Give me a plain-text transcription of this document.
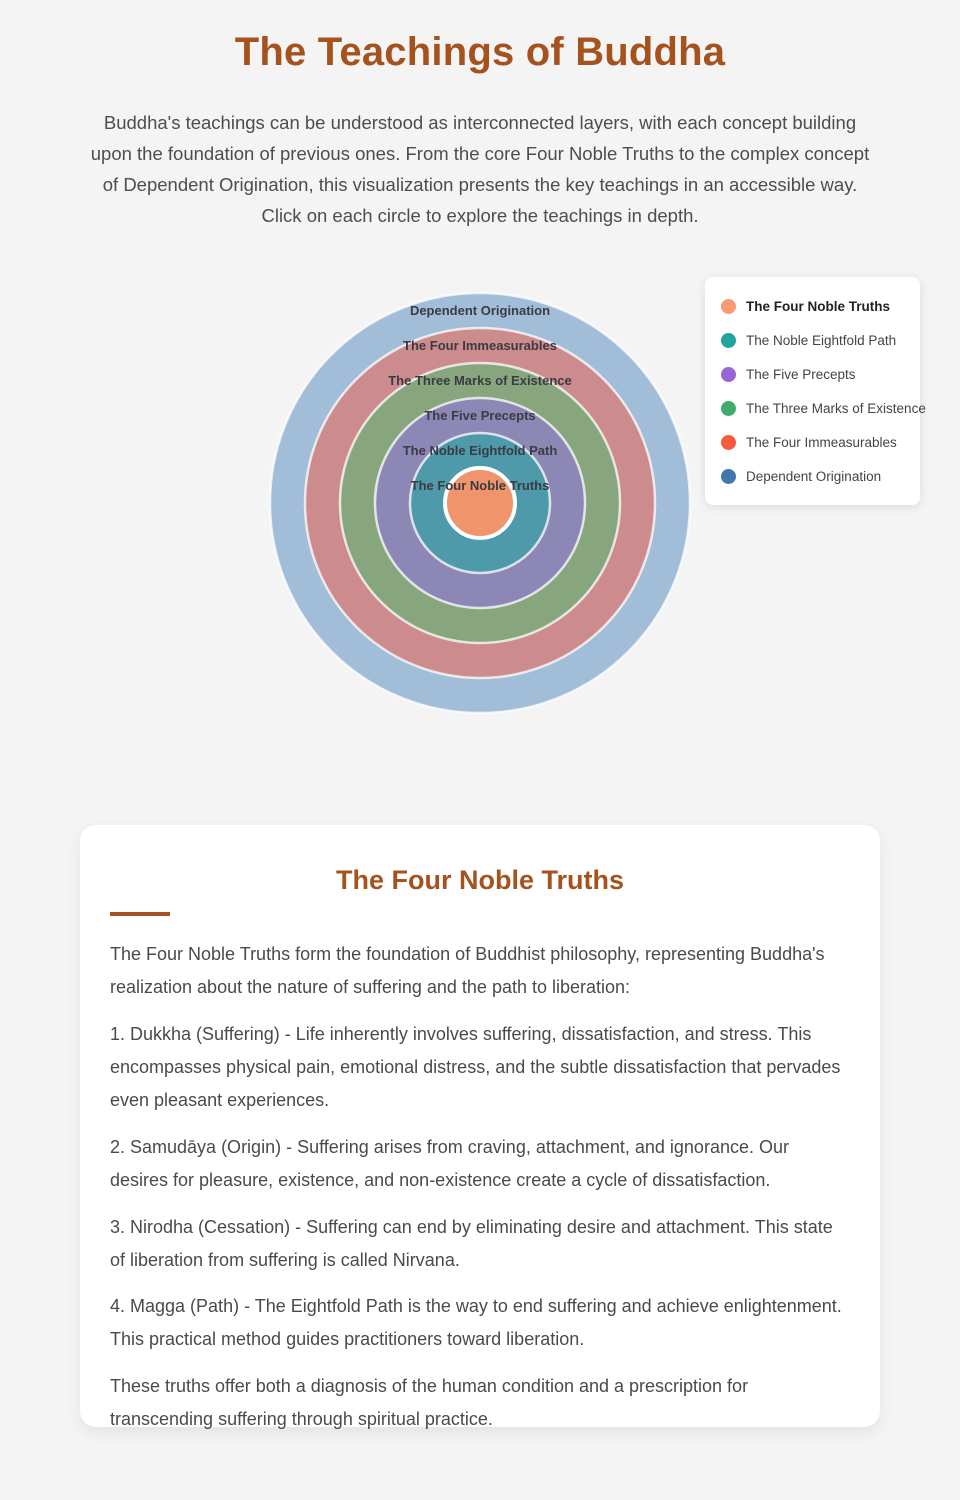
The Teachings of Buddha

Buddha's teachings can be understood as interconnected layers, with each concept building upon the foundation of previous ones. From the core Four Noble Truths to the complex concept of Dependent Origination, this visualization presents the key teachings in an accessible way. Click on each circle to explore the teachings in depth.

Dependent Origination
The Four Immeasurables
The Three Marks of Existence
The Five Precepts
The Noble Eightfold Path
The Four Noble Truths
The Four Noble Truths
The Noble Eightfold Path
The Five Precepts
The Three Marks of Existence
The Four Immeasurables
Dependent Origination
The Four Noble Truths

The Four Noble Truths form the foundation of Buddhist philosophy, representing Buddha's realization about the nature of suffering and the path to liberation:

1. Dukkha (Suffering) - Life inherently involves suffering, dissatisfaction, and stress. This encompasses physical pain, emotional distress, and the subtle dissatisfaction that pervades even pleasant experiences.

2. Samudāya (Origin) - Suffering arises from craving, attachment, and ignorance. Our desires for pleasure, existence, and non-existence create a cycle of dissatisfaction.

3. Nirodha (Cessation) - Suffering can end by eliminating desire and attachment. This state of liberation from suffering is called Nirvana.

4. Magga (Path) - The Eightfold Path is the way to end suffering and achieve enlightenment. This practical method guides practitioners toward liberation.

These truths offer both a diagnosis of the human condition and a prescription for transcending suffering through spiritual practice.
